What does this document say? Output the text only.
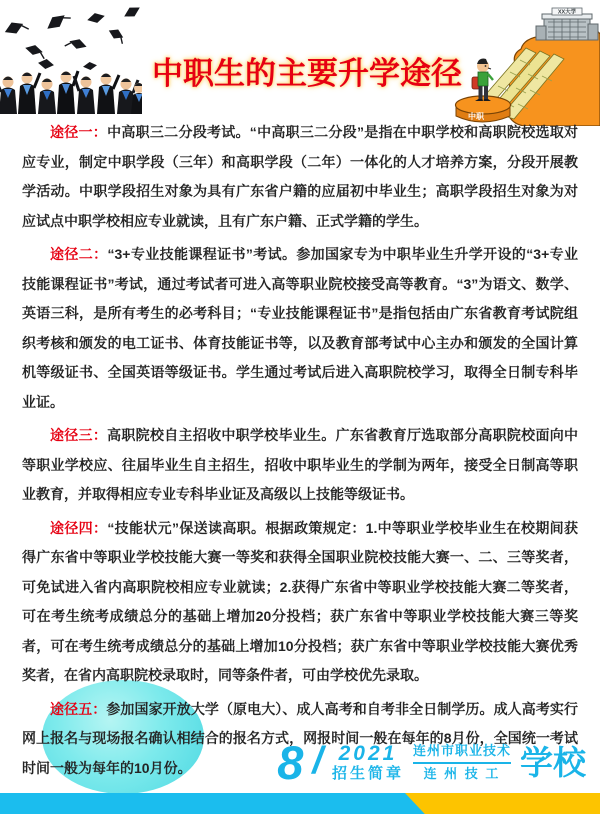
中职生的主要升学途径
XX大学
中职

途径一：中高职三二分段考试。“中高职三二分段”是指在中职学校和高职院校选取对应专业，制定中职学段（三年）和高职学段（二年）一体化的人才培养方案，分段开展教学活动。中职学段招生对象为具有广东省户籍的应届初中毕业生；高职学段招生对象为对应试点中职学校相应专业就读，且有广东户籍、正式学籍的学生。

途径二：“3+专业技能课程证书”考试。参加国家专为中职毕业生升学开设的“3+专业技能课程证书”考试，通过考试者可进入高等职业院校接受高等教育。“3”为语文、数学、英语三科，是所有考生的必考科目；“专业技能课程证书”是指包括由广东省教育考试院组织考核和颁发的电工证书、体育技能证书等，以及教育部考试中心主办和颁发的全国计算机等级证书、全国英语等级证书。学生通过考试后进入高职院校学习，取得全日制专科毕业证。

途径三：高职院校自主招收中职学校毕业生。广东省教育厅选取部分高职院校面向中等职业学校应、往届毕业生自主招生，招收中职毕业生的学制为两年，接受全日制高等职业教育，并取得相应专业专科毕业证及高级以上技能等级证书。

途径四：“技能状元”保送读高职。根据政策规定：1.中等职业学校毕业生在校期间获得广东省中等职业学校技能大赛一等奖和获得全国职业院校技能大赛一、二、三等奖者，可免试进入省内高职院校相应专业就读；2.获得广东省中等职业学校技能大赛二等奖者，可在考生统考成绩总分的基础上增加20分投档；获广东省中等职业学校技能大赛三等奖者，可在考生统考成绩总分的基础上增加10分投档；获广东省中等职业学校技能大赛优秀奖者，在省内高职院校录取时，同等条件者，可由学校优先录取。

途径五：参加国家开放大学（原电大）、成人高考和自考非全日制学历。成人高考实行网上报名与现场报名确认相结合的报名方式，网报时间一般在每年的8月份，全国统一考试时间一般为每年的10月份。	8 / 2021
招生简章
连州市职业技术
连 州 技 工 学校
